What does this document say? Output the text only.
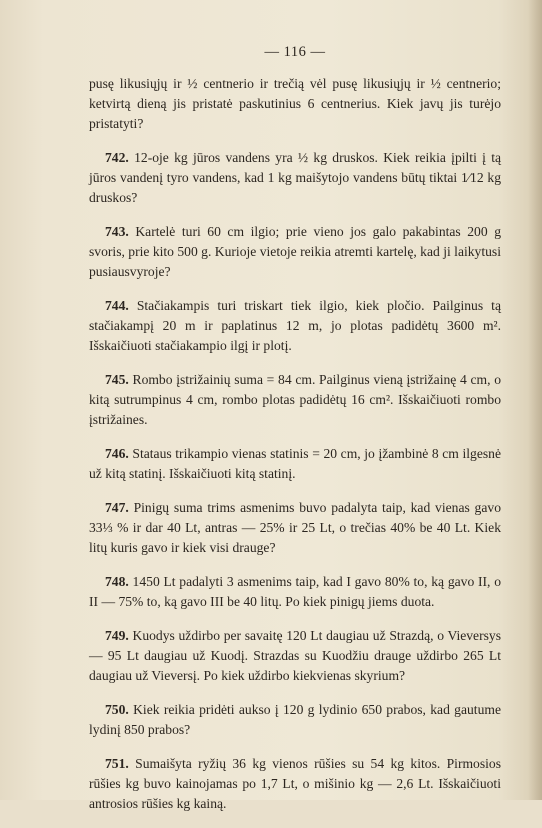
— 116 —

pusę likusiųjų ir ½ centnerio ir trečią vėl pusę likusiųjų ir ½ centnerio; ketvirtą dieną jis pristatė paskutinius 6 centnerius. Kiek javų jis turėjo pristatyti?

742. 12-oje kg jūros vandens yra ½ kg druskos. Kiek reikia įpilti į tą jūros vandenį tyro vandens, kad 1 kg maišytojo vandens būtų tiktai 1⁄12 kg druskos?

743. Kartelė turi 60 cm ilgio; prie vieno jos galo pakabintas 200 g svoris, prie kito 500 g. Kurioje vietoje reikia atremti kartelę, kad ji laikytusi pusiausvyroje?

744. Stačiakampis turi triskart tiek ilgio, kiek pločio. Pailginus tą stačiakampį 20 m ir paplatinus 12 m, jo plotas padidėtų 3600 m². Išskaičiuoti stačiakampio ilgį ir plotį.

745. Rombo įstrižainių suma = 84 cm. Pailginus vieną įstrižainę 4 cm, o kitą sutrumpinus 4 cm, rombo plotas padidėtų 16 cm². Išskaičiuoti rombo įstrižaines.

746. Stataus trikampio vienas statinis = 20 cm, jo įžambinė 8 cm ilgesnė už kitą statinį. Išskaičiuoti kitą statinį.

747. Pinigų suma trims asmenims buvo padalyta taip, kad vienas gavo 33⅓ % ir dar 40 Lt, antras — 25% ir 25 Lt, o trečias 40% be 40 Lt. Kiek litų kuris gavo ir kiek visi drauge?

748. 1450 Lt padalyti 3 asmenims taip, kad I gavo 80% to, ką gavo II, o II — 75% to, ką gavo III be 40 litų. Po kiek pinigų jiems duota.

749. Kuodys uždirbo per savaitę 120 Lt daugiau už Strazdą, o Vieversys — 95 Lt daugiau už Kuodį. Strazdas su Kuodžiu drauge uždirbo 265 Lt daugiau už Vieversį. Po kiek uždirbo kiekvienas skyrium?

750. Kiek reikia pridėti aukso į 120 g lydinio 650 prabos, kad gautume lydinį 850 prabos?

751. Sumaišyta ryžių 36 kg vienos rūšies su 54 kg kitos. Pirmosios rūšies kg buvo kainojamas po 1,7 Lt, o mišinio kg — 2,6 Lt. Išskaičiuoti antrosios rūšies kg kainą.
